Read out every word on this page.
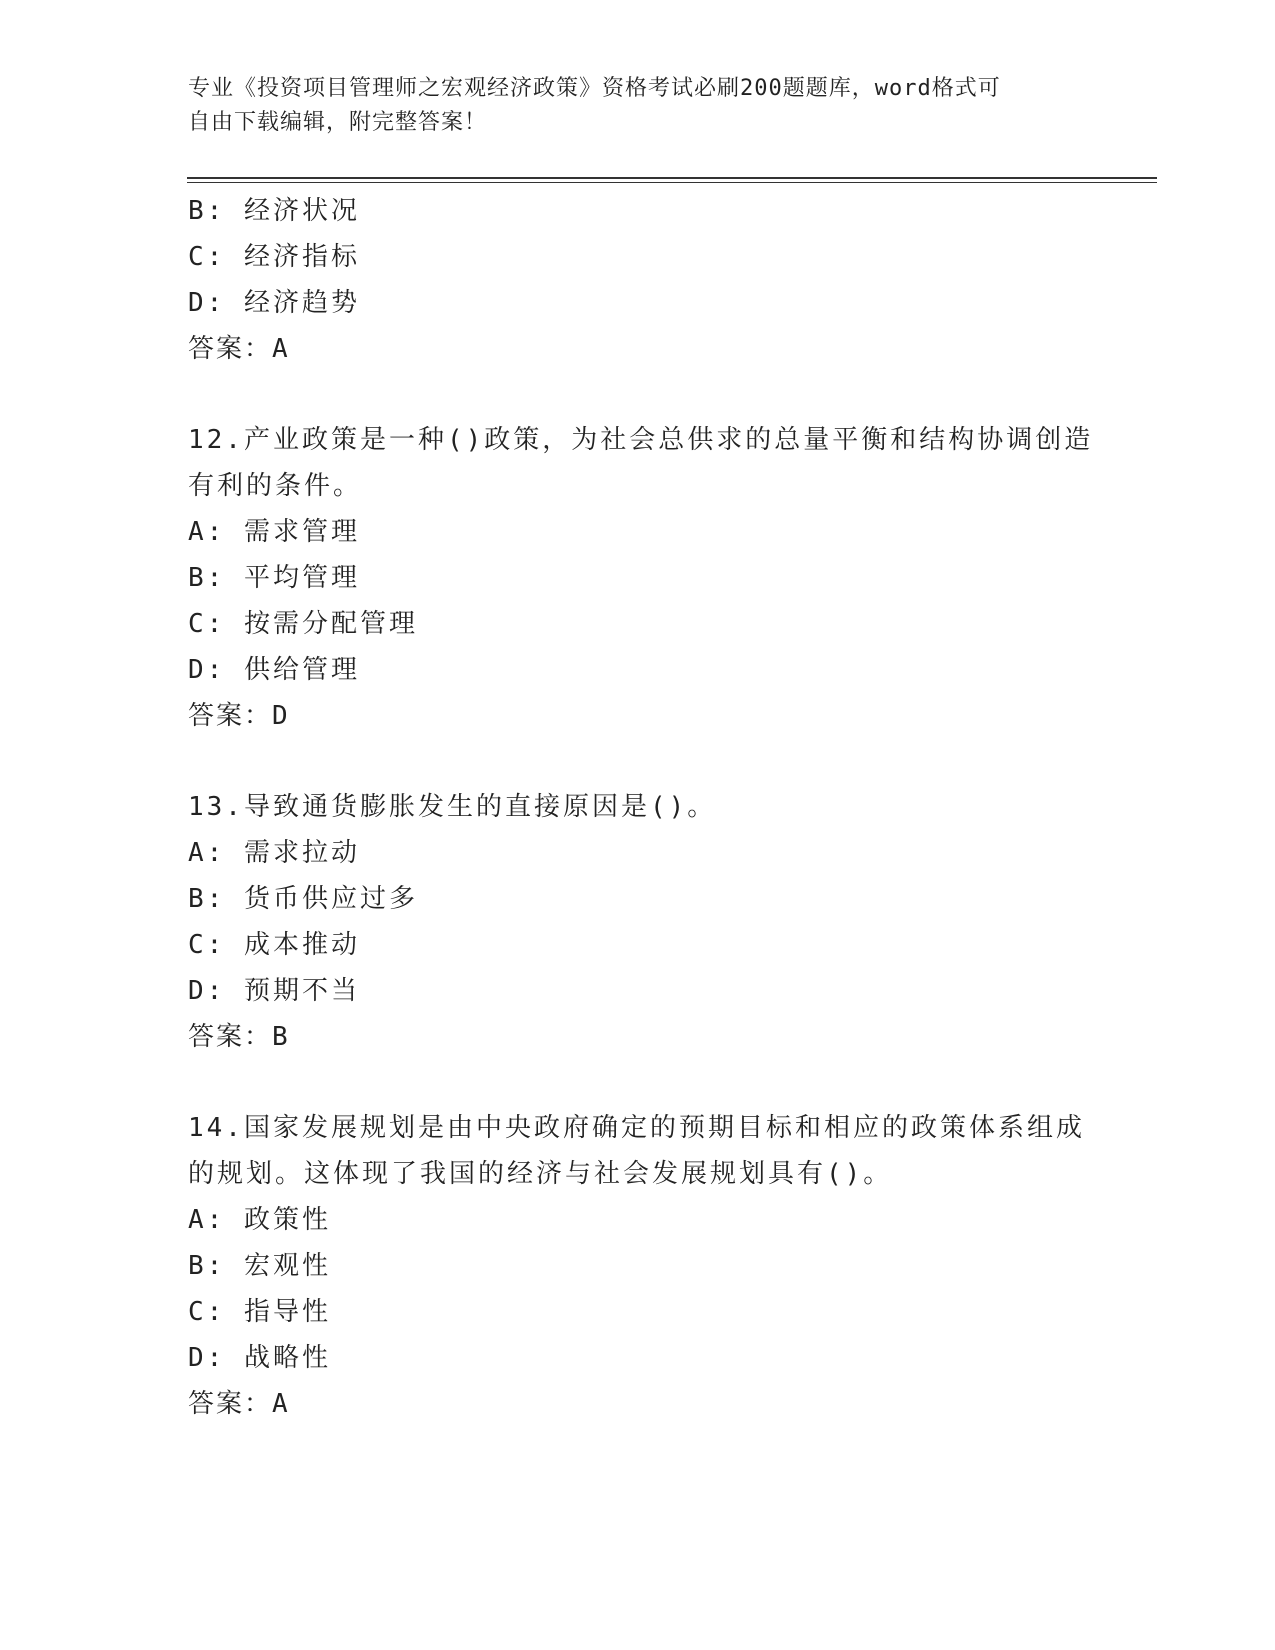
专业《投资项目管理师之宏观经济政策》资格考试必刷200题题库，word格式可
自由下载编辑，附完整答案！
B: 经济状况
C: 经济指标
D: 经济趋势
答案：A
12.产业政策是一种()政策，为社会总供求的总量平衡和结构协调创造
有利的条件。
A: 需求管理
B: 平均管理
C: 按需分配管理
D: 供给管理
答案：D
13.导致通货膨胀发生的直接原因是()。
A: 需求拉动
B: 货币供应过多
C: 成本推动
D: 预期不当
答案：B
14.国家发展规划是由中央政府确定的预期目标和相应的政策体系组成
的规划。这体现了我国的经济与社会发展规划具有()。
A: 政策性
B: 宏观性
C: 指导性
D: 战略性
答案：A
